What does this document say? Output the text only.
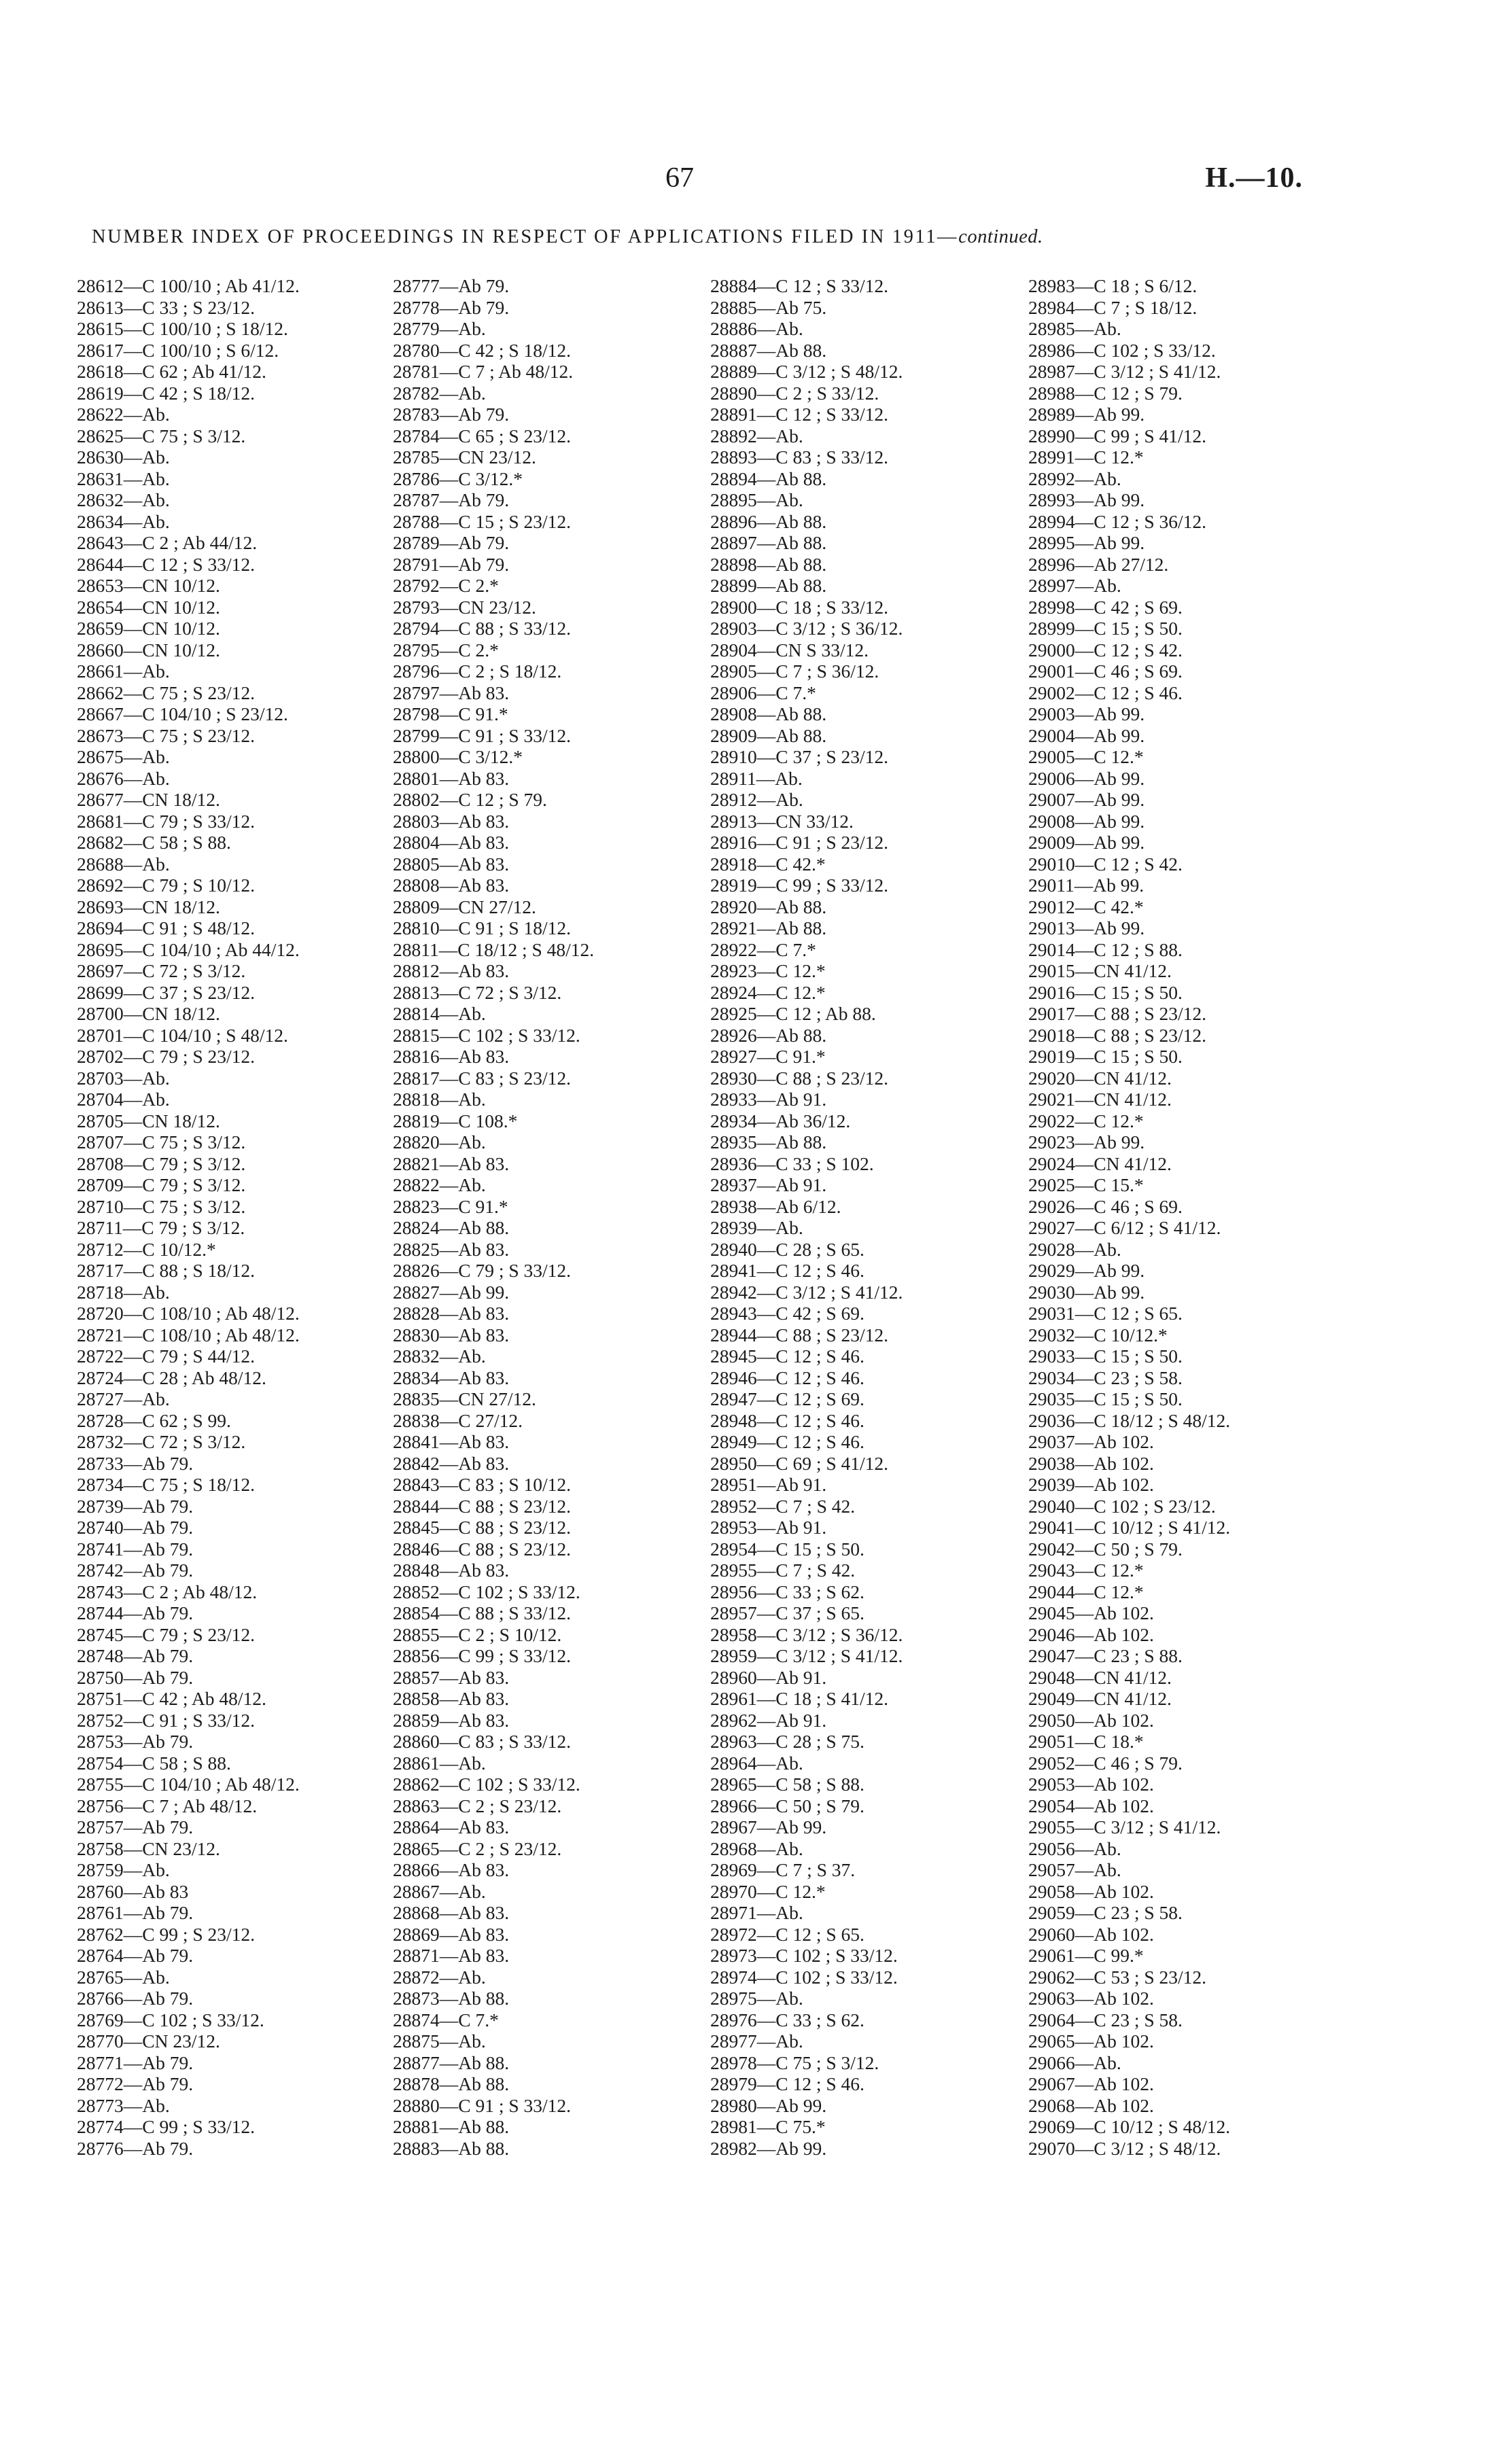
67	H.—10.
NUMBER INDEX OF PROCEEDINGS IN RESPECT OF APPLICATIONS FILED IN 1911—continued.
28612—C 100/10 ; Ab 41/12.
28613—C 33 ; S 23/12.
28615—C 100/10 ; S 18/12.
28617—C 100/10 ; S 6/12.
28618—C 62 ; Ab 41/12.
28619—C 42 ; S 18/12.
28622—Ab.
28625—C 75 ; S 3/12.
28630—Ab.
28631—Ab.
28632—Ab.
28634—Ab.
28643—C 2 ; Ab 44/12.
28644—C 12 ; S 33/12.
28653—CN 10/12.
28654—CN 10/12.
28659—CN 10/12.
28660—CN 10/12.
28661—Ab.
28662—C 75 ; S 23/12.
28667—C 104/10 ; S 23/12.
28673—C 75 ; S 23/12.
28675—Ab.
28676—Ab.
28677—CN 18/12.
28681—C 79 ; S 33/12.
28682—C 58 ; S 88.
28688—Ab.
28692—C 79 ; S 10/12.
28693—CN 18/12.
28694—C 91 ; S 48/12.
28695—C 104/10 ; Ab 44/12.
28697—C 72 ; S 3/12.
28699—C 37 ; S 23/12.
28700—CN 18/12.
28701—C 104/10 ; S 48/12.
28702—C 79 ; S 23/12.
28703—Ab.
28704—Ab.
28705—CN 18/12.
28707—C 75 ; S 3/12.
28708—C 79 ; S 3/12.
28709—C 79 ; S 3/12.
28710—C 75 ; S 3/12.
28711—C 79 ; S 3/12.
28712—C 10/12.*
28717—C 88 ; S 18/12.
28718—Ab.
28720—C 108/10 ; Ab 48/12.
28721—C 108/10 ; Ab 48/12.
28722—C 79 ; S 44/12.
28724—C 28 ; Ab 48/12.
28727—Ab.
28728—C 62 ; S 99.
28732—C 72 ; S 3/12.
28733—Ab 79.
28734—C 75 ; S 18/12.
28739—Ab 79.
28740—Ab 79.
28741—Ab 79.
28742—Ab 79.
28743—C 2 ; Ab 48/12.
28744—Ab 79.
28745—C 79 ; S 23/12.
28748—Ab 79.
28750—Ab 79.
28751—C 42 ; Ab 48/12.
28752—C 91 ; S 33/12.
28753—Ab 79.
28754—C 58 ; S 88.
28755—C 104/10 ; Ab 48/12.
28756—C 7 ; Ab 48/12.
28757—Ab 79.
28758—CN 23/12.
28759—Ab.
28760—Ab 83
28761—Ab 79.
28762—C 99 ; S 23/12.
28764—Ab 79.
28765—Ab.
28766—Ab 79.
28769—C 102 ; S 33/12.
28770—CN 23/12.
28771—Ab 79.
28772—Ab 79.
28773—Ab.
28774—C 99 ; S 33/12.
28776—Ab 79.
28777—Ab 79.
28778—Ab 79.
28779—Ab.
28780—C 42 ; S 18/12.
28781—C 7 ; Ab 48/12.
28782—Ab.
28783—Ab 79.
28784—C 65 ; S 23/12.
28785—CN 23/12.
28786—C 3/12.*
28787—Ab 79.
28788—C 15 ; S 23/12.
28789—Ab 79.
28791—Ab 79.
28792—C 2.*
28793—CN 23/12.
28794—C 88 ; S 33/12.
28795—C 2.*
28796—C 2 ; S 18/12.
28797—Ab 83.
28798—C 91.*
28799—C 91 ; S 33/12.
28800—C 3/12.*
28801—Ab 83.
28802—C 12 ; S 79.
28803—Ab 83.
28804—Ab 83.
28805—Ab 83.
28808—Ab 83.
28809—CN 27/12.
28810—C 91 ; S 18/12.
28811—C 18/12 ; S 48/12.
28812—Ab 83.
28813—C 72 ; S 3/12.
28814—Ab.
28815—C 102 ; S 33/12.
28816—Ab 83.
28817—C 83 ; S 23/12.
28818—Ab.
28819—C 108.*
28820—Ab.
28821—Ab 83.
28822—Ab.
28823—C 91.*
28824—Ab 88.
28825—Ab 83.
28826—C 79 ; S 33/12.
28827—Ab 99.
28828—Ab 83.
28830—Ab 83.
28832—Ab.
28834—Ab 83.
28835—CN 27/12.
28838—C 27/12.
28841—Ab 83.
28842—Ab 83.
28843—C 83 ; S 10/12.
28844—C 88 ; S 23/12.
28845—C 88 ; S 23/12.
28846—C 88 ; S 23/12.
28848—Ab 83.
28852—C 102 ; S 33/12.
28854—C 88 ; S 33/12.
28855—C 2 ; S 10/12.
28856—C 99 ; S 33/12.
28857—Ab 83.
28858—Ab 83.
28859—Ab 83.
28860—C 83 ; S 33/12.
28861—Ab.
28862—C 102 ; S 33/12.
28863—C 2 ; S 23/12.
28864—Ab 83.
28865—C 2 ; S 23/12.
28866—Ab 83.
28867—Ab.
28868—Ab 83.
28869—Ab 83.
28871—Ab 83.
28872—Ab.
28873—Ab 88.
28874—C 7.*
28875—Ab.
28877—Ab 88.
28878—Ab 88.
28880—C 91 ; S 33/12.
28881—Ab 88.
28883—Ab 88.
28884—C 12 ; S 33/12.
28885—Ab 75.
28886—Ab.
28887—Ab 88.
28889—C 3/12 ; S 48/12.
28890—C 2 ; S 33/12.
28891—C 12 ; S 33/12.
28892—Ab.
28893—C 83 ; S 33/12.
28894—Ab 88.
28895—Ab.
28896—Ab 88.
28897—Ab 88.
28898—Ab 88.
28899—Ab 88.
28900—C 18 ; S 33/12.
28903—C 3/12 ; S 36/12.
28904—CN S 33/12.
28905—C 7 ; S 36/12.
28906—C 7.*
28908—Ab 88.
28909—Ab 88.
28910—C 37 ; S 23/12.
28911—Ab.
28912—Ab.
28913—CN 33/12.
28916—C 91 ; S 23/12.
28918—C 42.*
28919—C 99 ; S 33/12.
28920—Ab 88.
28921—Ab 88.
28922—C 7.*
28923—C 12.*
28924—C 12.*
28925—C 12 ; Ab 88.
28926—Ab 88.
28927—C 91.*
28930—C 88 ; S 23/12.
28933—Ab 91.
28934—Ab 36/12.
28935—Ab 88.
28936—C 33 ; S 102.
28937—Ab 91.
28938—Ab 6/12.
28939—Ab.
28940—C 28 ; S 65.
28941—C 12 ; S 46.
28942—C 3/12 ; S 41/12.
28943—C 42 ; S 69.
28944—C 88 ; S 23/12.
28945—C 12 ; S 46.
28946—C 12 ; S 46.
28947—C 12 ; S 69.
28948—C 12 ; S 46.
28949—C 12 ; S 46.
28950—C 69 ; S 41/12.
28951—Ab 91.
28952—C 7 ; S 42.
28953—Ab 91.
28954—C 15 ; S 50.
28955—C 7 ; S 42.
28956—C 33 ; S 62.
28957—C 37 ; S 65.
28958—C 3/12 ; S 36/12.
28959—C 3/12 ; S 41/12.
28960—Ab 91.
28961—C 18 ; S 41/12.
28962—Ab 91.
28963—C 28 ; S 75.
28964—Ab.
28965—C 58 ; S 88.
28966—C 50 ; S 79.
28967—Ab 99.
28968—Ab.
28969—C 7 ; S 37.
28970—C 12.*
28971—Ab.
28972—C 12 ; S 65.
28973—C 102 ; S 33/12.
28974—C 102 ; S 33/12.
28975—Ab.
28976—C 33 ; S 62.
28977—Ab.
28978—C 75 ; S 3/12.
28979—C 12 ; S 46.
28980—Ab 99.
28981—C 75.*
28982—Ab 99.
28983—C 18 ; S 6/12.
28984—C 7 ; S 18/12.
28985—Ab.
28986—C 102 ; S 33/12.
28987—C 3/12 ; S 41/12.
28988—C 12 ; S 79.
28989—Ab 99.
28990—C 99 ; S 41/12.
28991—C 12.*
28992—Ab.
28993—Ab 99.
28994—C 12 ; S 36/12.
28995—Ab 99.
28996—Ab 27/12.
28997—Ab.
28998—C 42 ; S 69.
28999—C 15 ; S 50.
29000—C 12 ; S 42.
29001—C 46 ; S 69.
29002—C 12 ; S 46.
29003—Ab 99.
29004—Ab 99.
29005—C 12.*
29006—Ab 99.
29007—Ab 99.
29008—Ab 99.
29009—Ab 99.
29010—C 12 ; S 42.
29011—Ab 99.
29012—C 42.*
29013—Ab 99.
29014—C 12 ; S 88.
29015—CN 41/12.
29016—C 15 ; S 50.
29017—C 88 ; S 23/12.
29018—C 88 ; S 23/12.
29019—C 15 ; S 50.
29020—CN 41/12.
29021—CN 41/12.
29022—C 12.*
29023—Ab 99.
29024—CN 41/12.
29025—C 15.*
29026—C 46 ; S 69.
29027—C 6/12 ; S 41/12.
29028—Ab.
29029—Ab 99.
29030—Ab 99.
29031—C 12 ; S 65.
29032—C 10/12.*
29033—C 15 ; S 50.
29034—C 23 ; S 58.
29035—C 15 ; S 50.
29036—C 18/12 ; S 48/12.
29037—Ab 102.
29038—Ab 102.
29039—Ab 102.
29040—C 102 ; S 23/12.
29041—C 10/12 ; S 41/12.
29042—C 50 ; S 79.
29043—C 12.*
29044—C 12.*
29045—Ab 102.
29046—Ab 102.
29047—C 23 ; S 88.
29048—CN 41/12.
29049—CN 41/12.
29050—Ab 102.
29051—C 18.*
29052—C 46 ; S 79.
29053—Ab 102.
29054—Ab 102.
29055—C 3/12 ; S 41/12.
29056—Ab.
29057—Ab.
29058—Ab 102.
29059—C 23 ; S 58.
29060—Ab 102.
29061—C 99.*
29062—C 53 ; S 23/12.
29063—Ab 102.
29064—C 23 ; S 58.
29065—Ab 102.
29066—Ab.
29067—Ab 102.
29068—Ab 102.
29069—C 10/12 ; S 48/12.
29070—C 3/12 ; S 48/12.
